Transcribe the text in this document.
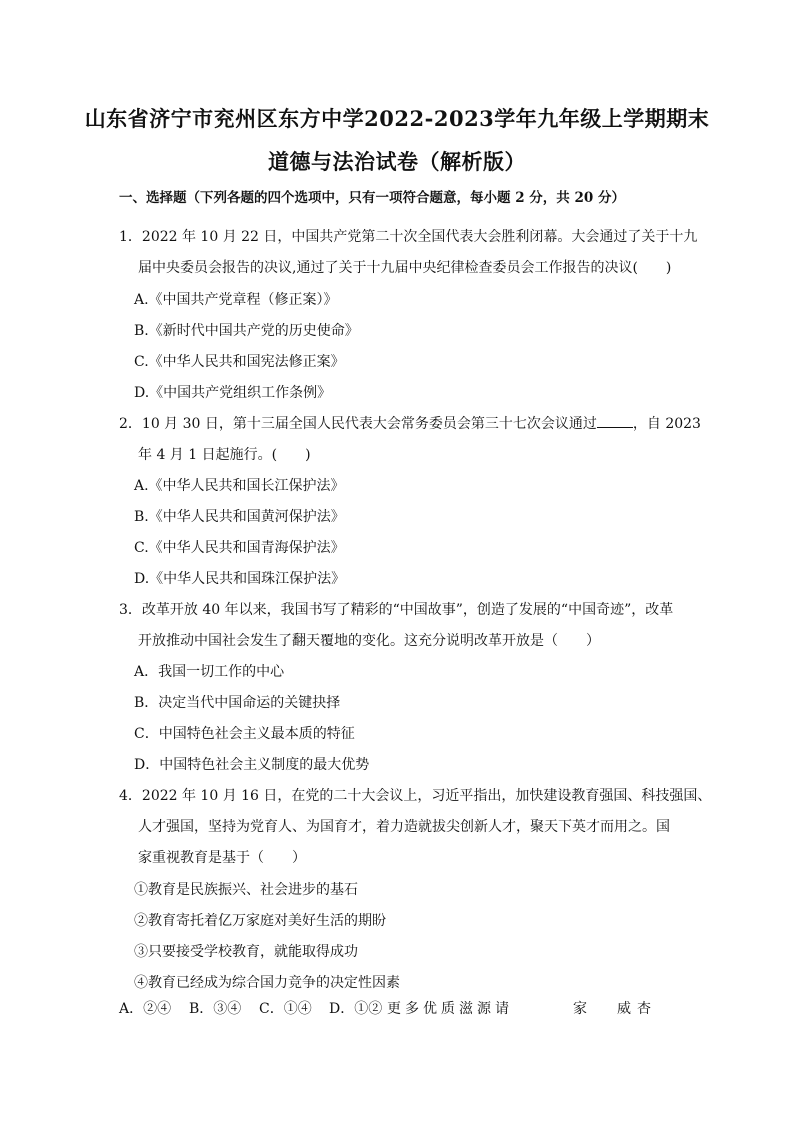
山东省济宁市兖州区东方中学2022-2023学年九年级上学期期末
道德与法治试卷（解析版）
一、选择题（下列各题的四个选项中，只有一项符合题意，每小题 2 分，共 20 分）
1．2022 年 10 月 22 日，中国共产党第二十次全国代表大会胜利闭幕。大会通过了关于十九
届中央委员会报告的决议,通过了关于十九届中央纪律检查委员会工作报告的决议(　　)
A.《中国共产党章程（修正案）》
B.《新时代中国共产党的历史使命》
C.《中华人民共和国宪法修正案》
D.《中国共产党组织工作条例》
2．10 月 30 日，第十三届全国人民代表大会常务委员会第三十七次会议通过	，自 2023
年 4 月 1 日起施行。(　　)
A.《中华人民共和国长江保护法》
B.《中华人民共和国黄河保护法》
C.《中华人民共和国青海保护法》
D.《中华人民共和国珠江保护法》
3．改革开放 40 年以来，我国书写了精彩的“中国故事”，创造了发展的“中国奇迹”，改革
开放推动中国社会发生了翻天覆地的变化。这充分说明改革开放是（　　）
A．我国一切工作的中心
B．决定当代中国命运的关键抉择
C．中国特色社会主义最本质的特征
D．中国特色社会主义制度的最大优势
4．2022 年 10 月 16 日，在党的二十大会议上，习近平指出，加快建设教育强国、科技强国、
人才强国，坚持为党育人、为国育才，着力造就拔尖创新人才，聚天下英才而用之。国
家重视教育是基于（　　）
①教育是民族振兴、社会进步的基石
②教育寄托着亿万家庭对美好生活的期盼
③只要接受学校教育，就能取得成功
④教育已经成为综合国力竞争的决定性因素
A．②④ B．③④ C．①④ D．①② 更多优质滋源请	家 威杏
